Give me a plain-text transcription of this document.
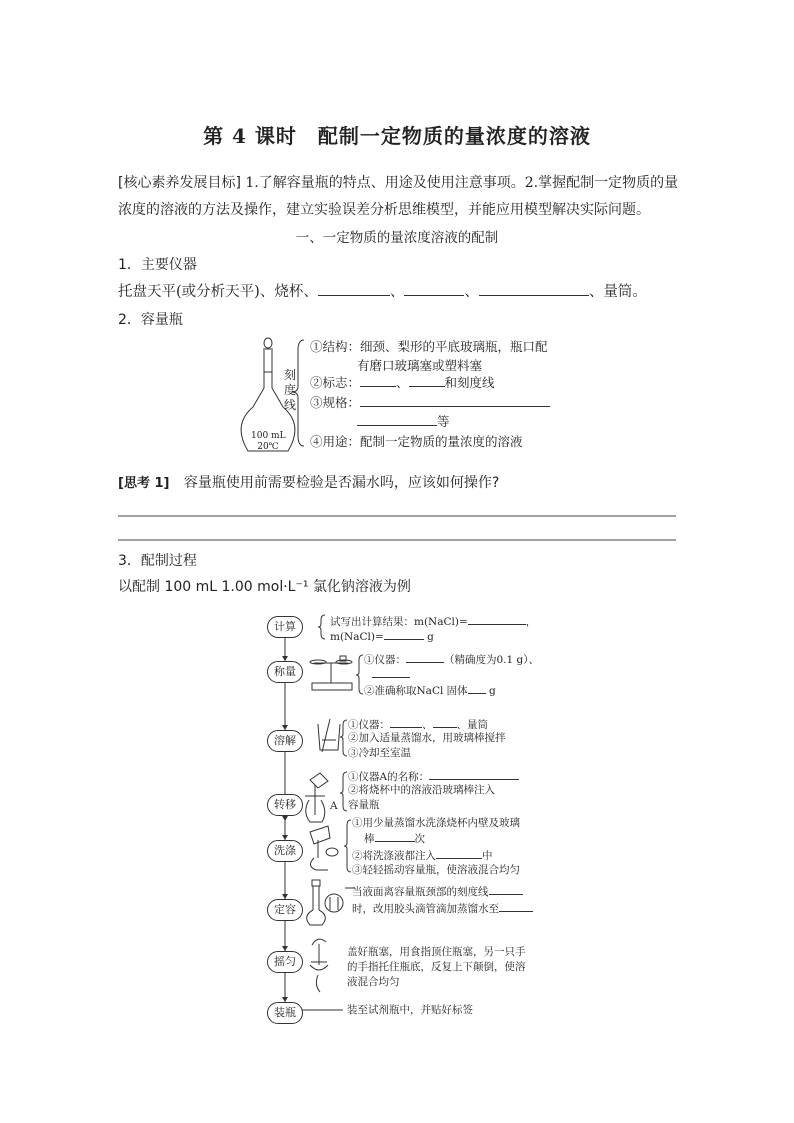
第 4 课时　配制一定物质的量浓度的溶液
[核心素养发展目标] 1.了解容量瓶的特点、用途及使用注意事项。2.掌握配制一定物质的量
浓度的溶液的方法及操作，建立实验误差分析思维模型，并能应用模型解决实际问题。
一、一定物质的量浓度溶液的配制
1．主要仪器
托盘天平(或分析天平)、烧杯、	、	、	、量筒。
2．容量瓶
刻
度
线
100 mL
20℃
①结构：细颈、梨形的平底玻璃瓶，瓶口配
有磨口玻璃塞或塑料塞
②标志：	、	和刻度线
③规格：
等
④用途：配制一定物质的量浓度的溶液
[思考 1] 容量瓶使用前需要检验是否漏水吗，应该如何操作?
3．配制过程
以配制 100 mL 1.00 mol·L⁻¹ 氯化钠溶液为例
计算
称量
溶解
转移
洗涤
定容
摇匀
装瓶
试写出计算结果：m(NaCl)=	，
m(NaCl)=	g
①仪器：	（精确度为0.1 g）、
②准确称取NaCl 固体 g
①仪器：	、 、量筒
②加入适量蒸馏水，用玻璃棒搅拌
③冷却至室温
A
①仪器A的名称：
②将烧杯中的溶液沿玻璃棒注入
容量瓶
①用少量蒸馏水洗涤烧杯内壁及玻璃
棒	次
②将洗涤液都注入	中
③轻轻摇动容量瓶，使溶液混合均匀
当液面离容量瓶颈部的刻度线
时，改用胶头滴管滴加蒸馏水至
盖好瓶塞，用食指顶住瓶塞，另一只手
的手指托住瓶底，反复上下颠倒，使溶
液混合均匀
装至试剂瓶中，并贴好标签
